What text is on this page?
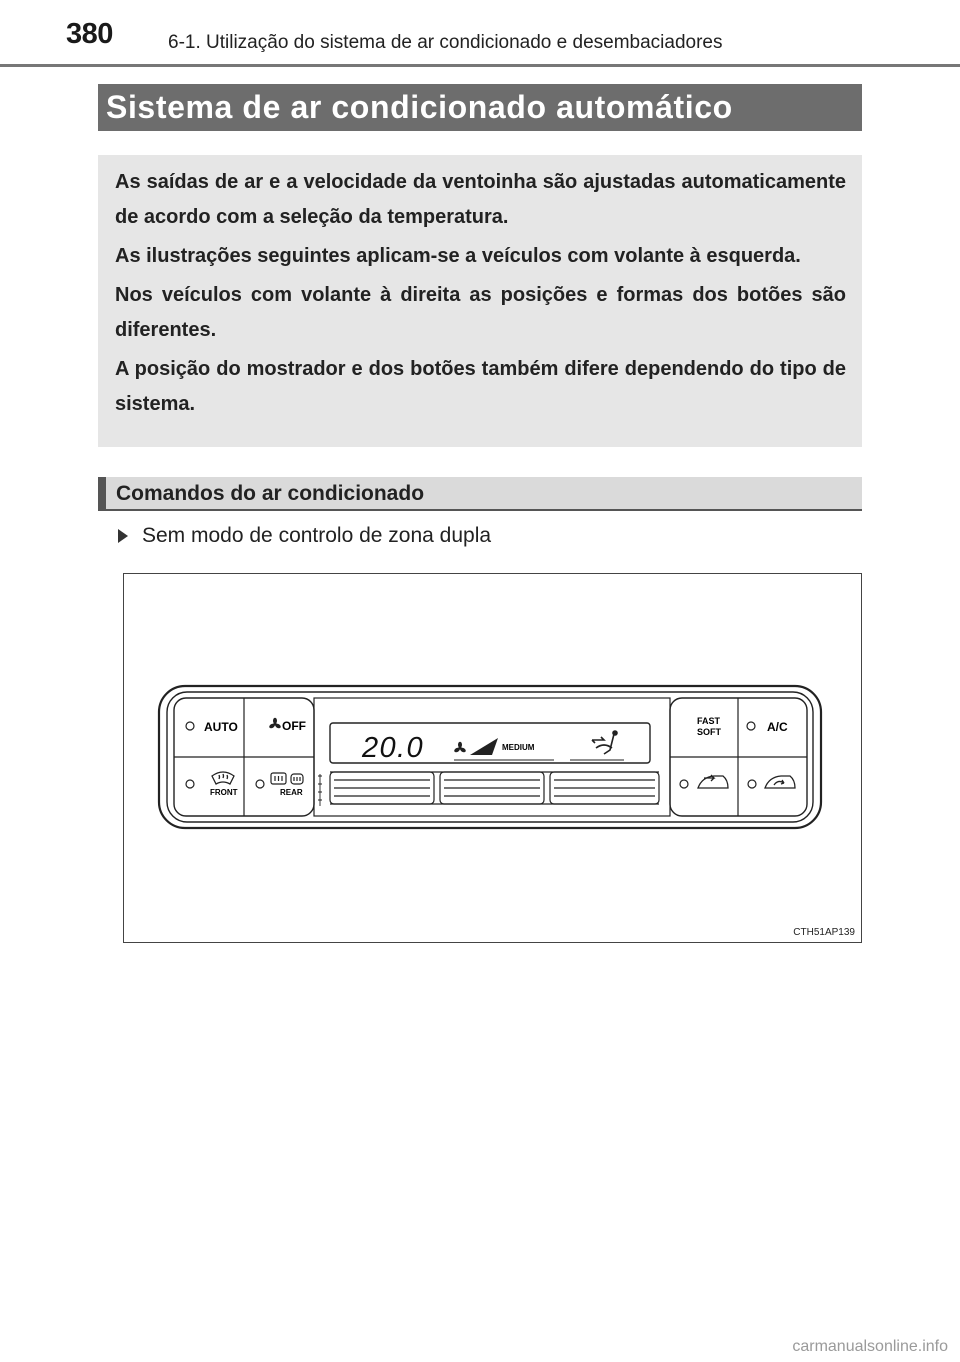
380	6-1. Utilização do sistema de ar condicionado e desembaciadores
Sistema de ar condicionado automático

As saídas de ar e a velocidade da ventoinha são ajustadas automaticamente de acordo com a seleção da temperatura.

As ilustrações seguintes aplicam-se a veículos com volante à esquerda.

Nos veículos com volante à direita as posições e formas dos botões são diferentes.

A posição do mostrador e dos botões também difere dependendo do tipo de sistema.

Comandos do ar condicionado
Sem modo de controlo de zona dupla
AUTO	OFF
FRONT	REAR
20.0	MEDIUM
FAST
SOFT	A/C
CTH51AP139
carmanualsonline.info
